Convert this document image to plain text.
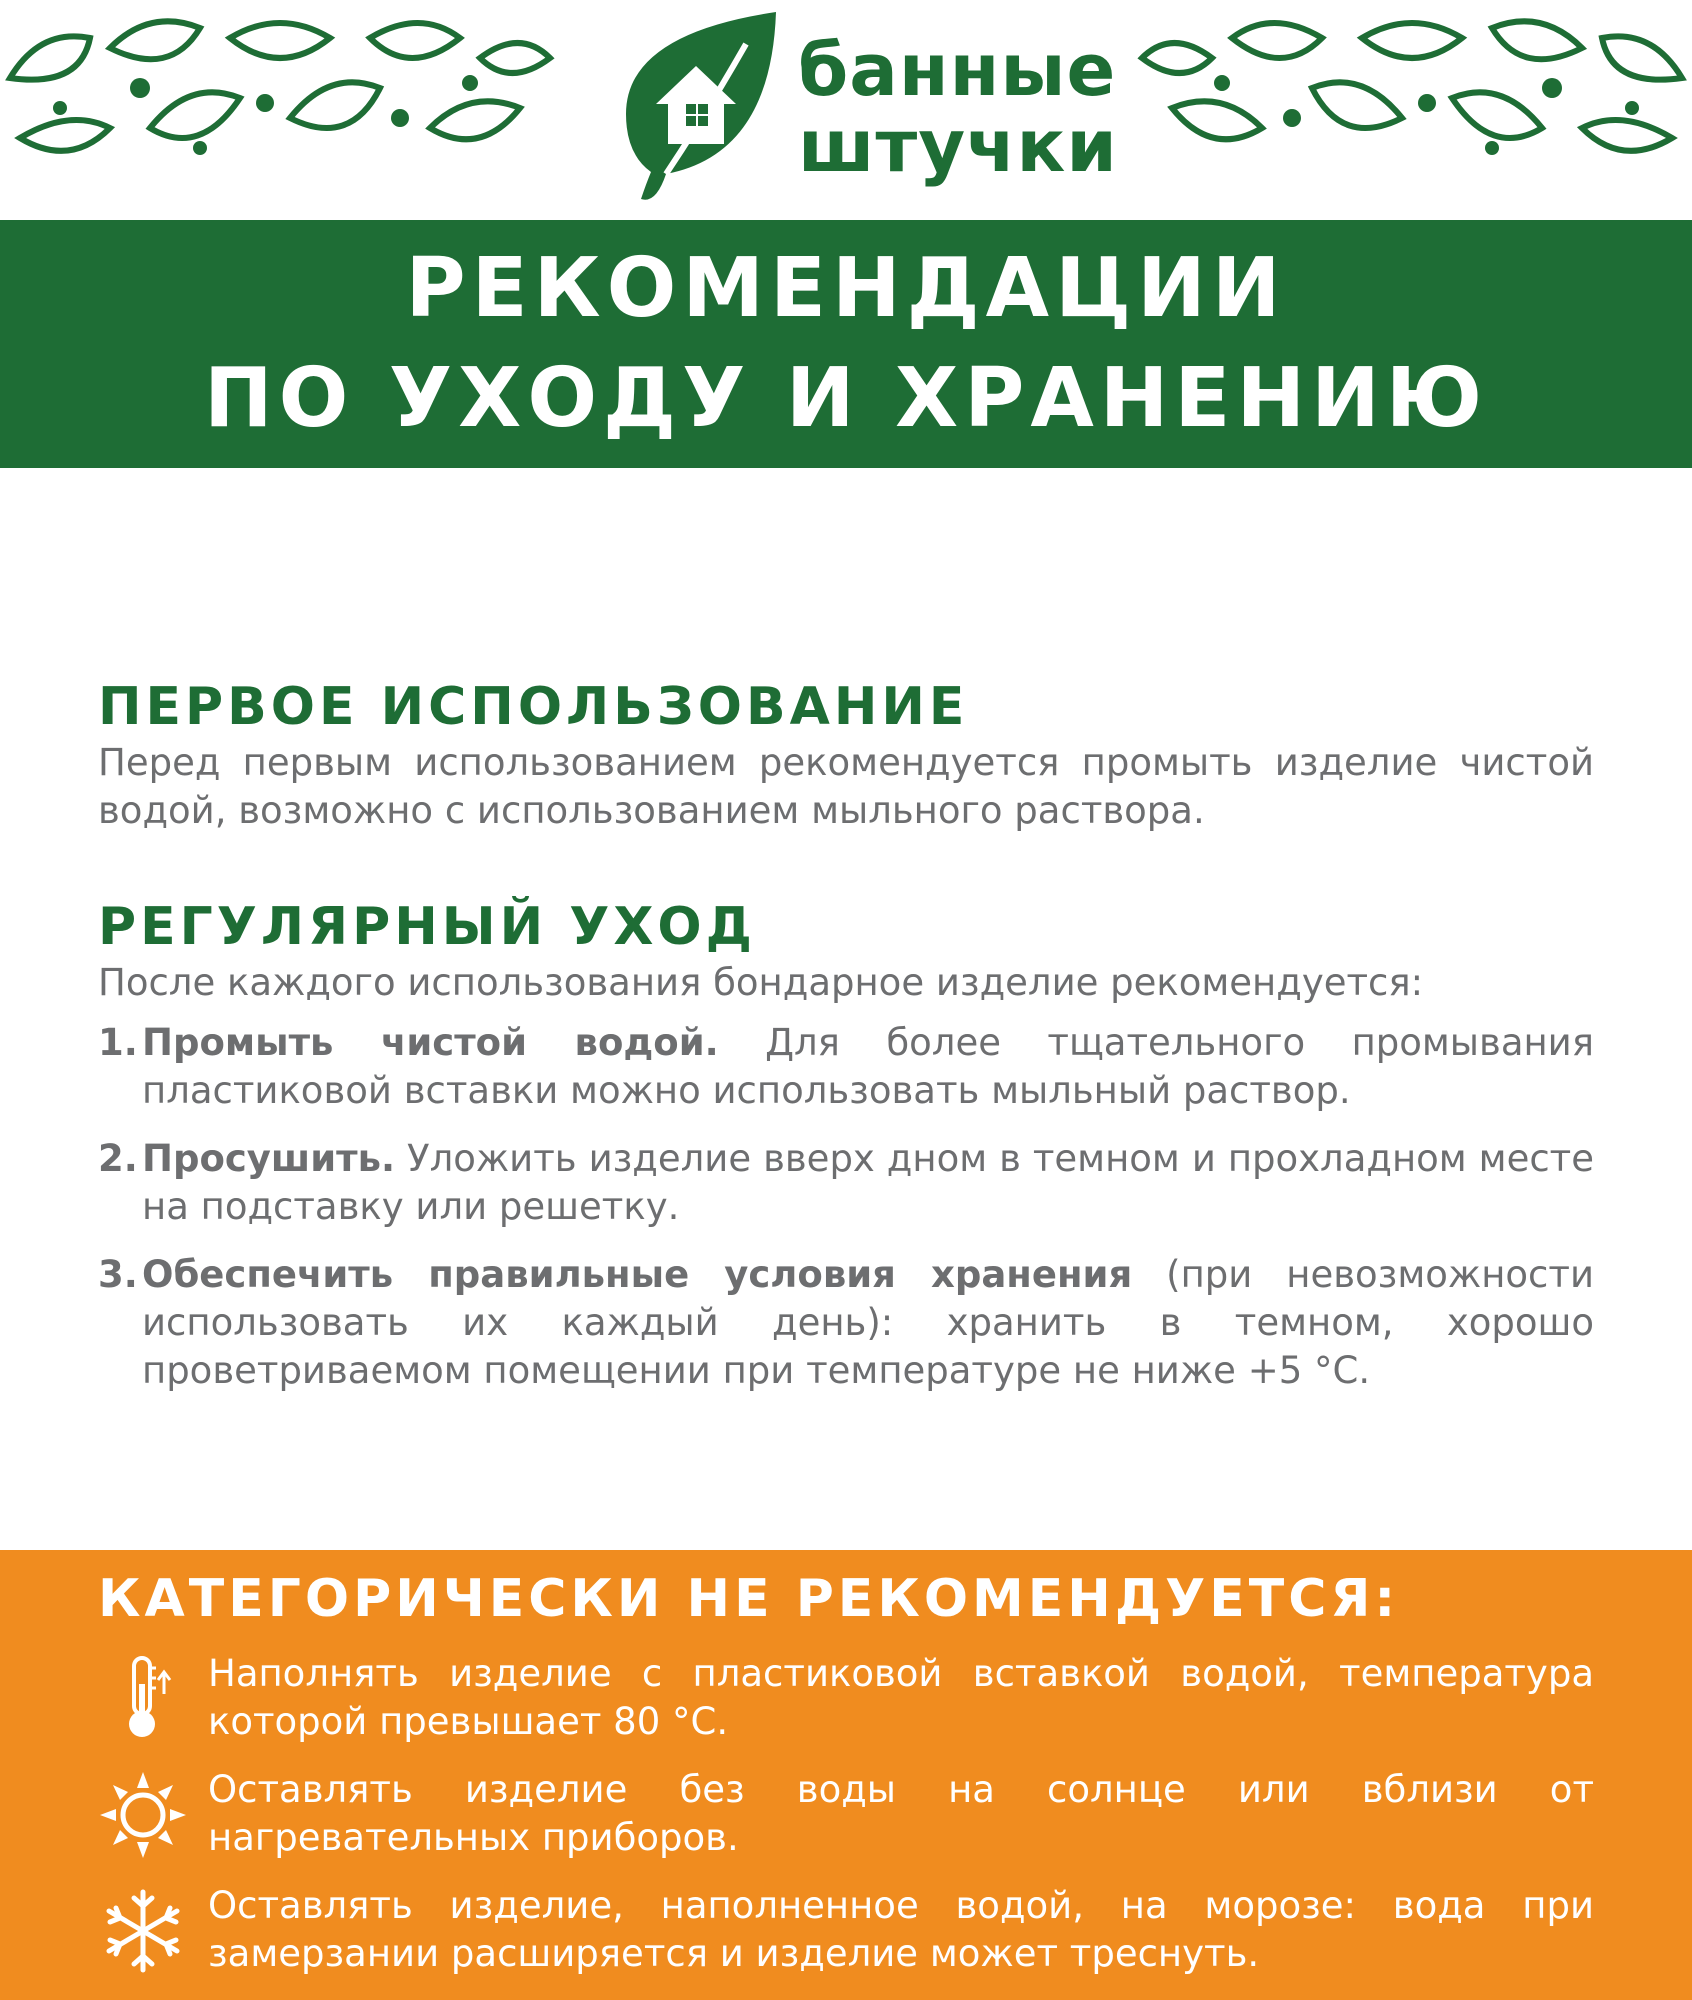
банные
штучки
РЕКОМЕНДАЦИИ
ПО УХОДУ И ХРАНЕНИЮ
ПЕРВОЕ ИСПОЛЬЗОВАНИЕ

Перед первым использованием рекомендуется промыть изделие чистой водой, возможно с использованием мыльного раствора.

РЕГУЛЯРНЫЙ УХОД

После каждого использования бондарное изделие рекомендуется:

1. Промыть чистой водой. Для более тщательного промывания пластиковой вставки можно использовать мыльный раствор.
2. Просушить. Уложить изделие вверх дном в темном и прохладном месте на подставку или решетку.
3. Обеспечить правильные условия хранения (при невозможности использовать их каждый день): хранить в темном, хорошо проветриваемом помещении при температуре не ниже +5 °С.
КАТЕГОРИЧЕСКИ НЕ РЕКОМЕНДУЕТСЯ:
Наполнять изделие с пластиковой вставкой водой, температура которой превышает 80 °С.
Оставлять изделие без воды на солнце или вблизи от нагревательных приборов.
Оставлять изделие, наполненное водой, на морозе: вода при замерзании расширяется и изделие может треснуть.
